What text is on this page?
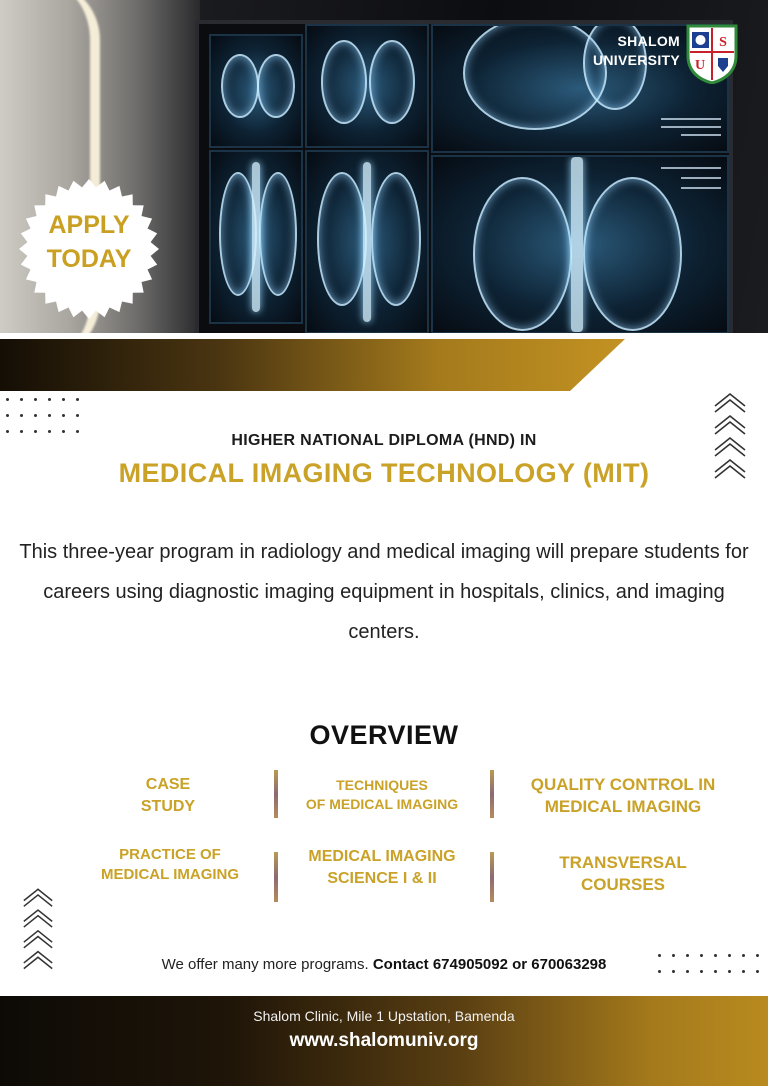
SHALOM
UNIVERSITY
S
U
APPLY
TODAY
HIGHER NATIONAL DIPLOMA (HND) IN
MEDICAL IMAGING TECHNOLOGY (MIT)
This three-year program in radiology and medical imaging will prepare students for careers using diagnostic imaging equipment in hospitals, clinics, and imaging centers.
OVERVIEW
CASE
STUDY
TECHNIQUES
OF MEDICAL IMAGING
QUALITY CONTROL IN
MEDICAL IMAGING
PRACTICE OF
MEDICAL IMAGING
MEDICAL IMAGING
SCIENCE I & II
TRANSVERSAL
COURSES
We offer many more programs. Contact 674905092 or 670063298
Shalom Clinic, Mile 1 Upstation, Bamenda
www.shalomuniv.org
